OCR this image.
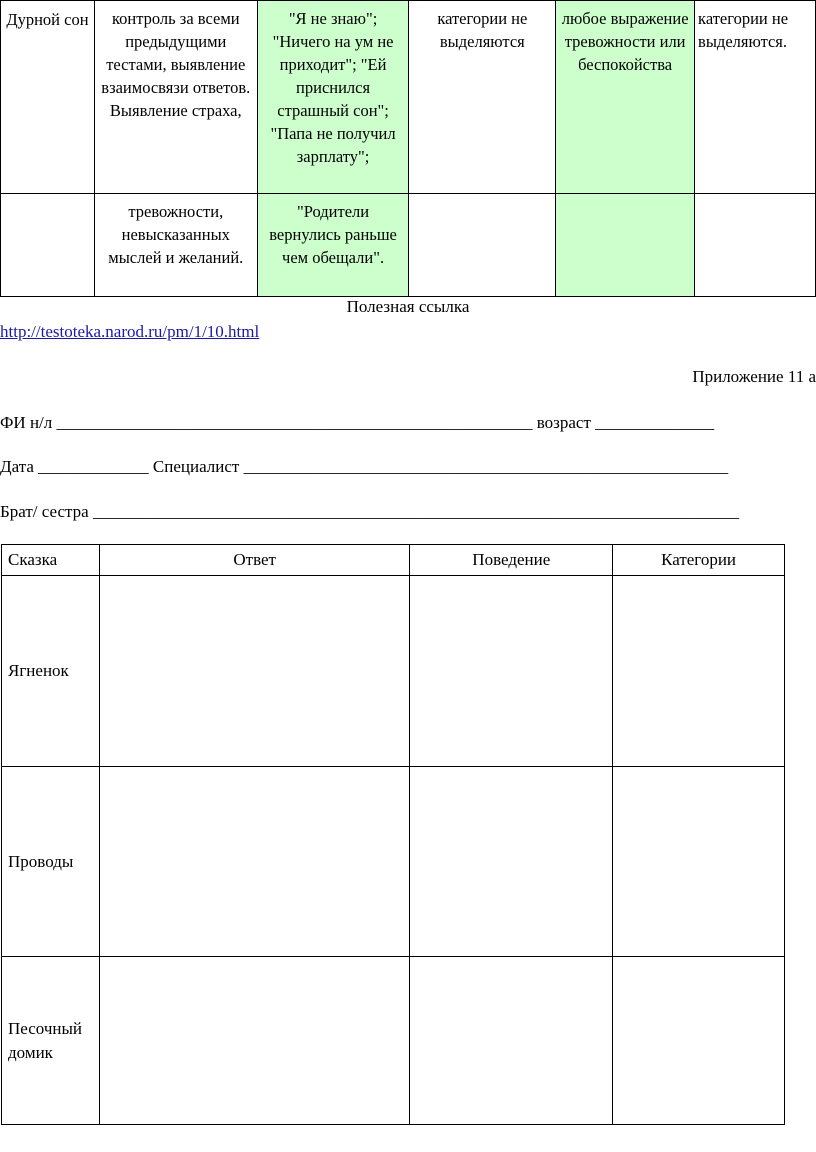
Дурной сон	контроль за всеми предыдущими тестами, выявление взаимосвязи ответов. Выявление страха,	"Я не знаю"; "Ничего на ум не приходит"; "Ей приснился страшный сон"; "Папа не получил зарплату";	категории не выделяются	любое выражение тревожности или беспокойства	категории не выделяются.
	тревожности, невысказанных мыслей и желаний.	"Родители вернулись раньше чем обещали".			
Полезная ссылка
http://testoteka.narod.ru/pm/1/10.html
Приложение 11 а
ФИ н/л ________________________________________________________ возраст ______________
Дата _____________ Специалист _________________________________________________________
Брат/ сестра ____________________________________________________________________________
Сказка	Ответ	Поведение	Категории
Ягненок			
Проводы			
Песочный домик			
